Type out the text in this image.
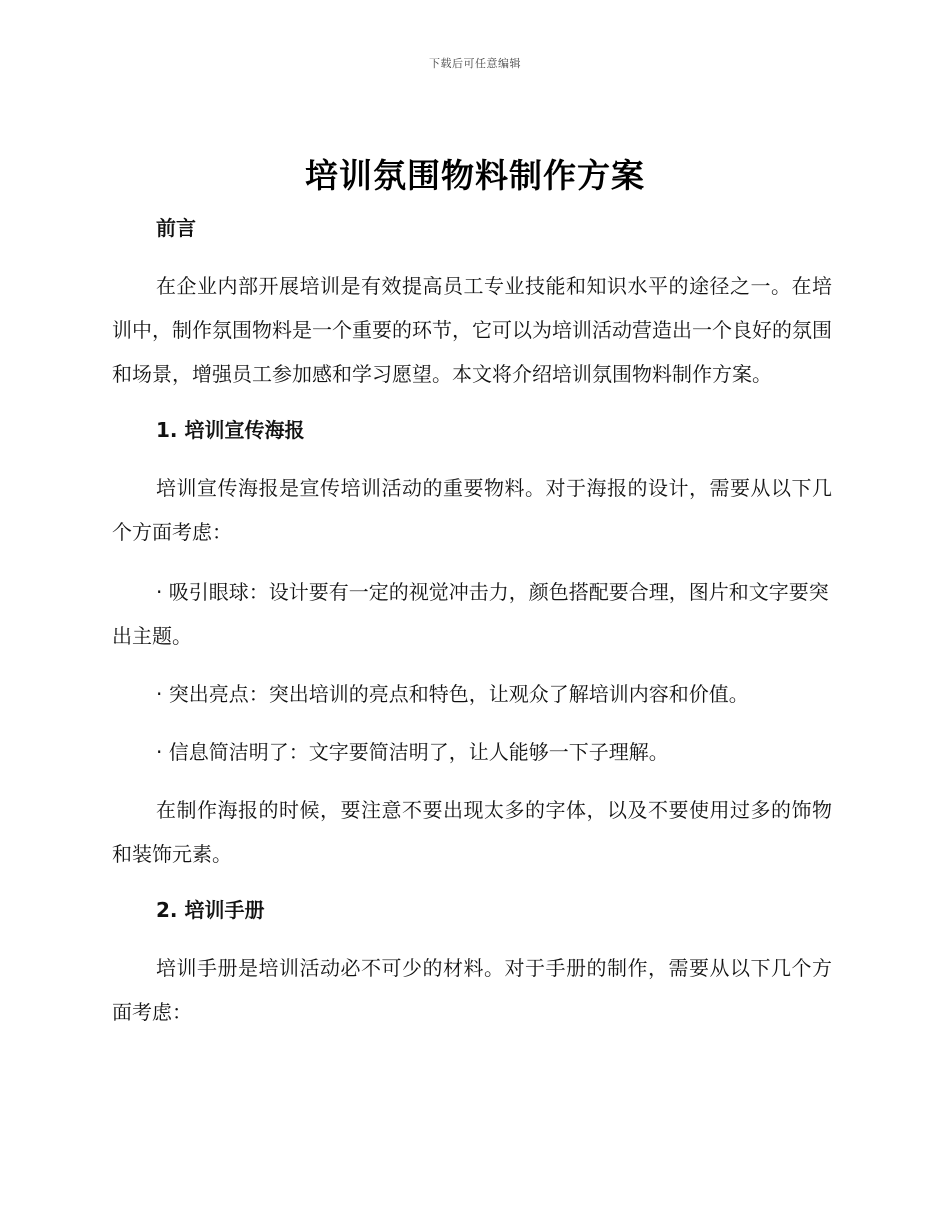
下载后可任意编辑
培训氛围物料制作方案

前言

在企业内部开展培训是有效提高员工专业技能和知识水平的途径之一。在培训中，制作氛围物料是一个重要的环节，它可以为培训活动营造出一个良好的氛围和场景，增强员工参加感和学习愿望。本文将介绍培训氛围物料制作方案。

1. 培训宣传海报

培训宣传海报是宣传培训活动的重要物料。对于海报的设计，需要从以下几个方面考虑：

· 吸引眼球：设计要有一定的视觉冲击力，颜色搭配要合理，图片和文字要突出主题。

· 突出亮点：突出培训的亮点和特色，让观众了解培训内容和价值。

· 信息简洁明了：文字要简洁明了，让人能够一下子理解。

在制作海报的时候，要注意不要出现太多的字体，以及不要使用过多的饰物和装饰元素。

2. 培训手册

培训手册是培训活动必不可少的材料。对于手册的制作，需要从以下几个方面考虑：
